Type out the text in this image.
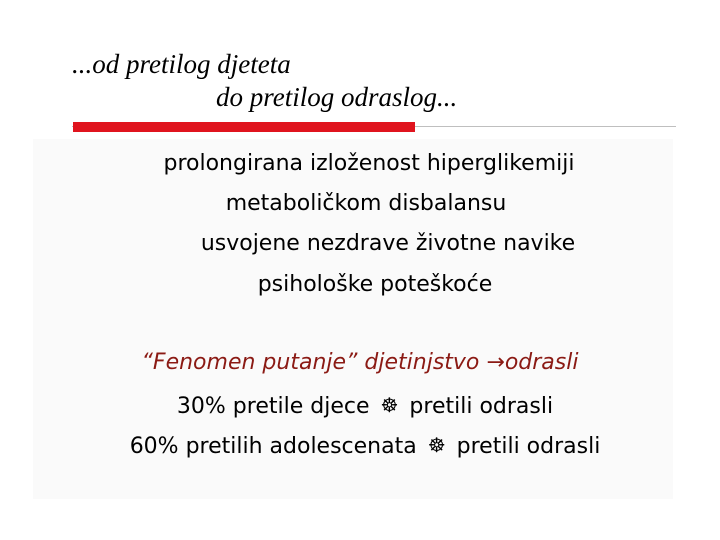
...od pretilog djeteta
do pretilog odraslog...
prolongirana izloženost hiperglikemiji
metaboličkom disbalansu
usvojene nezdrave životne navike
psihološke poteškoće
“Fenomen putanje” djetinjstvo →odrasli
30% pretile djece ☸ pretili odrasli
60% pretilih adolescenata ☸ pretili odrasli
